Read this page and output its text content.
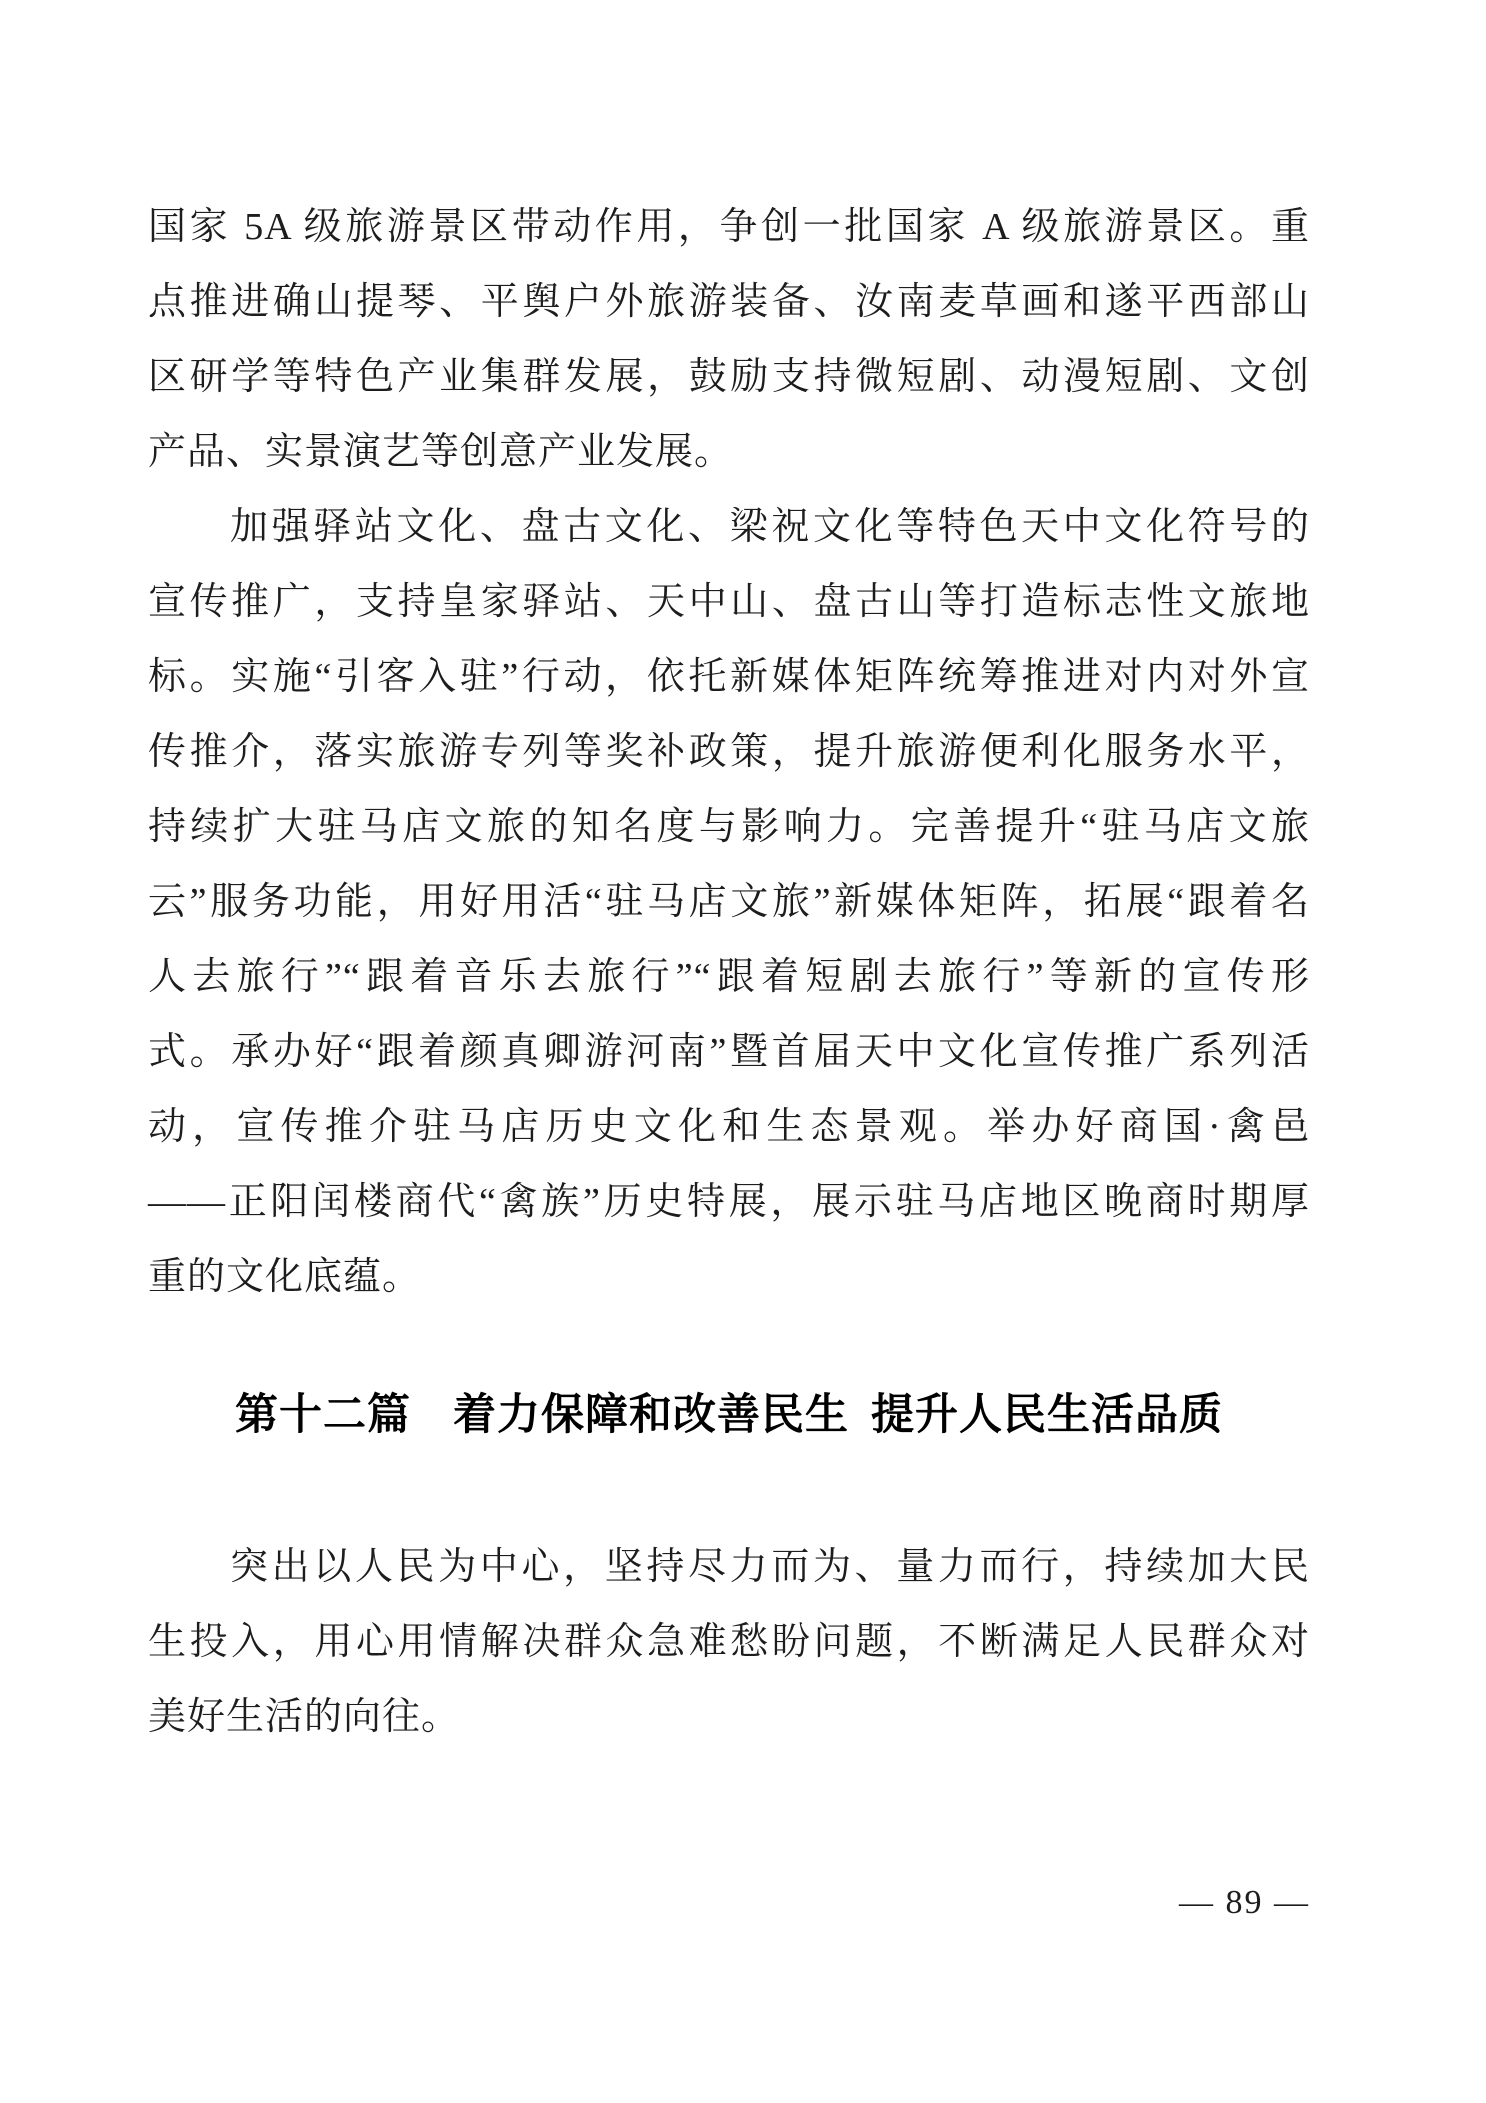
国家 5A 级旅游景区带动作用，争创一批国家 A 级旅游景区。重

点推进确山提琴、平舆户外旅游装备、汝南麦草画和遂平西部山

区研学等特色产业集群发展，鼓励支持微短剧、动漫短剧、文创

产品、实景演艺等创意产业发展。

加强驿站文化、盘古文化、梁祝文化等特色天中文化符号的

宣传推广，支持皇家驿站、天中山、盘古山等打造标志性文旅地

标。实施“引客入驻”行动，依托新媒体矩阵统筹推进对内对外宣

传推介，落实旅游专列等奖补政策，提升旅游便利化服务水平，

持续扩大驻马店文旅的知名度与影响力。完善提升“驻马店文旅

云”服务功能，用好用活“驻马店文旅”新媒体矩阵，拓展“跟着名

人去旅行”“跟着音乐去旅行”“跟着短剧去旅行”等新的宣传形

式。承办好“跟着颜真卿游河南”暨首届天中文化宣传推广系列活

动，宣传推介驻马店历史文化和生态景观。举办好商国·禽邑

——正阳闰楼商代“禽族”历史特展，展示驻马店地区晚商时期厚

重的文化底蕴。

第十二篇 着力保障和改善民生 提升人民生活品质

突出以人民为中心，坚持尽力而为、量力而行，持续加大民

生投入，用心用情解决群众急难愁盼问题，不断满足人民群众对

美好生活的向往。

— 89 —
